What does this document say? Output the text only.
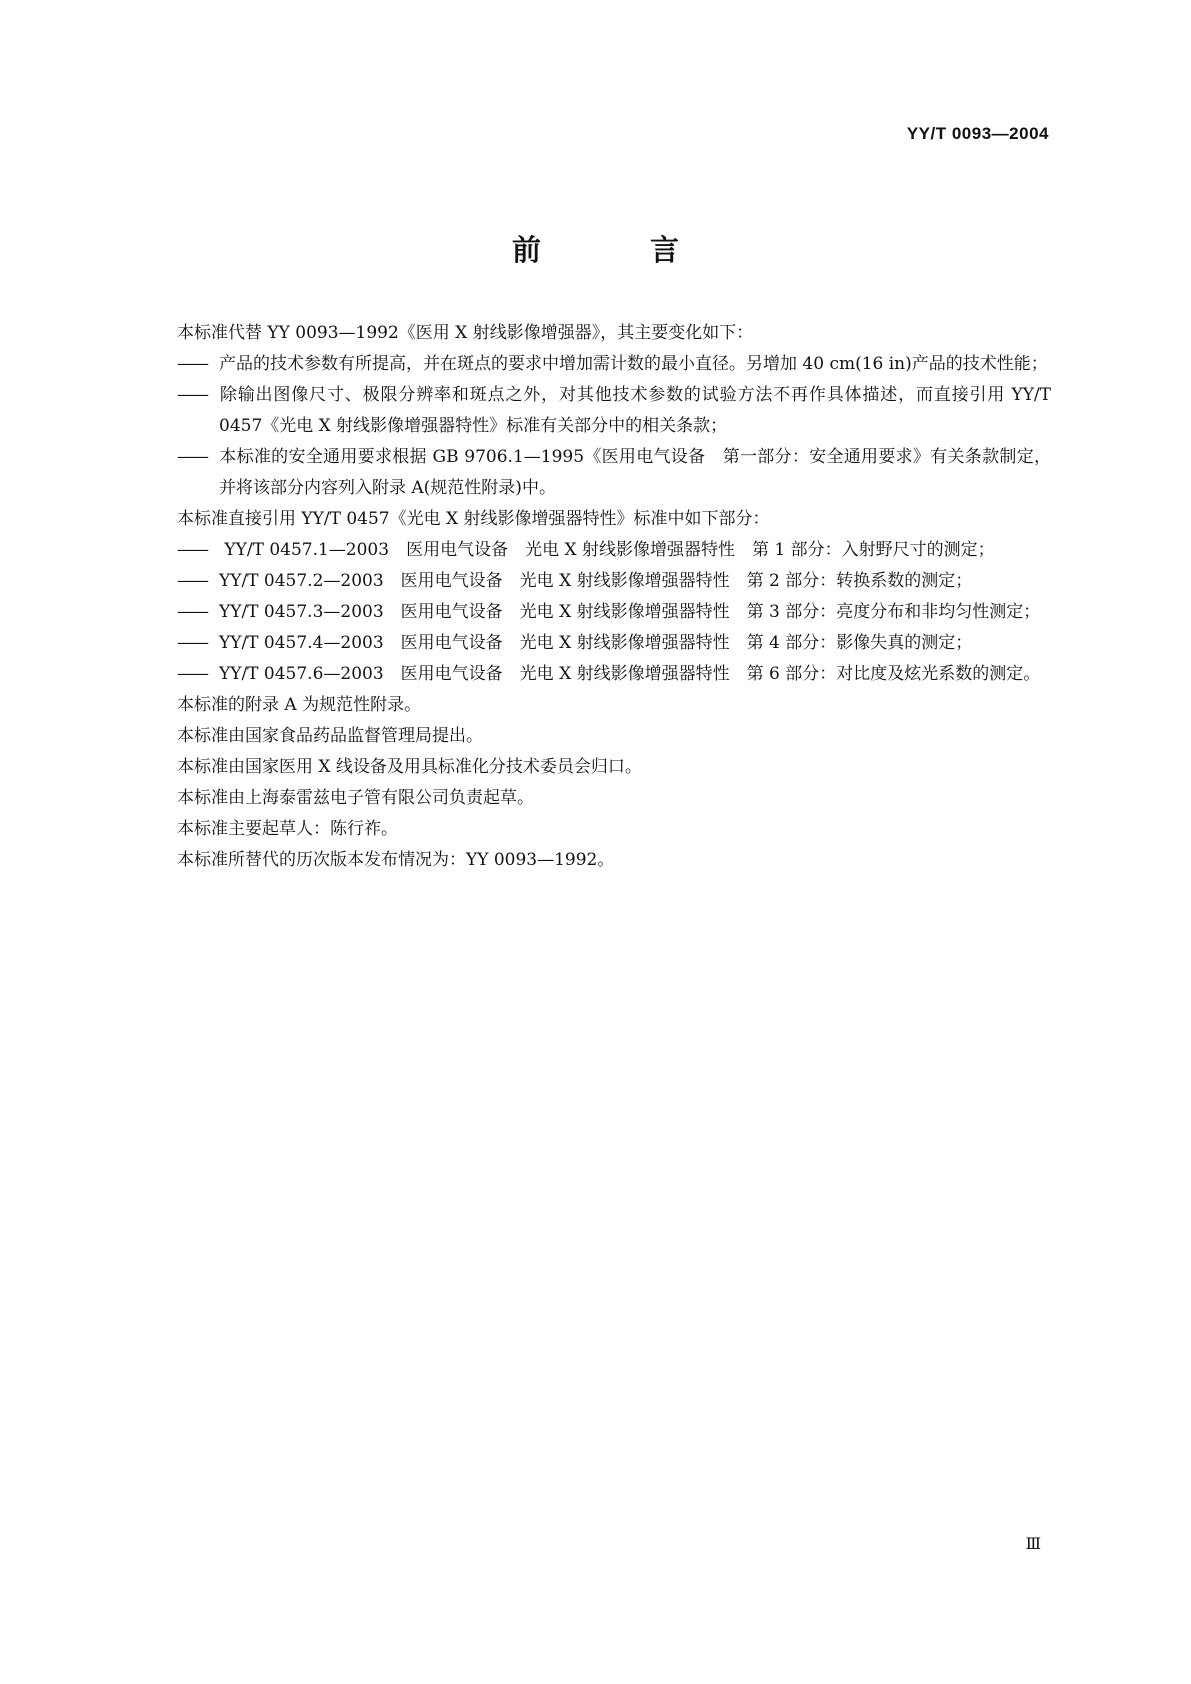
YY/T 0093—2004
前　言

本标准代替 YY 0093—1992《医用 X 射线影像增强器》，其主要变化如下：

—— 产品的技术参数有所提高，并在斑点的要求中增加需计数的最小直径。另增加 40 cm(16 in)产品的技术性能；

—— 除输出图像尺寸、极限分辨率和斑点之外，对其他技术参数的试验方法不再作具体描述，而直接引用 YY/T 0457《光电 X 射线影像增强器特性》标准有关部分中的相关条款；

—— 本标准的安全通用要求根据 GB 9706.1—1995《医用电气设备　第一部分：安全通用要求》有关条款制定，并将该部分内容列入附录 A(规范性附录)中。

本标准直接引用 YY/T 0457《光电 X 射线影像增强器特性》标准中如下部分：

—— YY/T 0457.1—2003　医用电气设备　光电 X 射线影像增强器特性　第 1 部分：入射野尺寸的测定；

—— YY/T 0457.2—2003　医用电气设备　光电 X 射线影像增强器特性　第 2 部分：转换系数的测定；

—— YY/T 0457.3—2003　医用电气设备　光电 X 射线影像增强器特性　第 3 部分：亮度分布和非均匀性测定；

—— YY/T 0457.4—2003　医用电气设备　光电 X 射线影像增强器特性　第 4 部分：影像失真的测定；

—— YY/T 0457.6—2003　医用电气设备　光电 X 射线影像增强器特性　第 6 部分：对比度及炫光系数的测定。

本标准的附录 A 为规范性附录。

本标准由国家食品药品监督管理局提出。

本标准由国家医用 X 线设备及用具标准化分技术委员会归口。

本标准由上海泰雷兹电子管有限公司负责起草。

本标准主要起草人：陈行祚。

本标准所替代的历次版本发布情况为：YY 0093—1992。

Ⅲ
